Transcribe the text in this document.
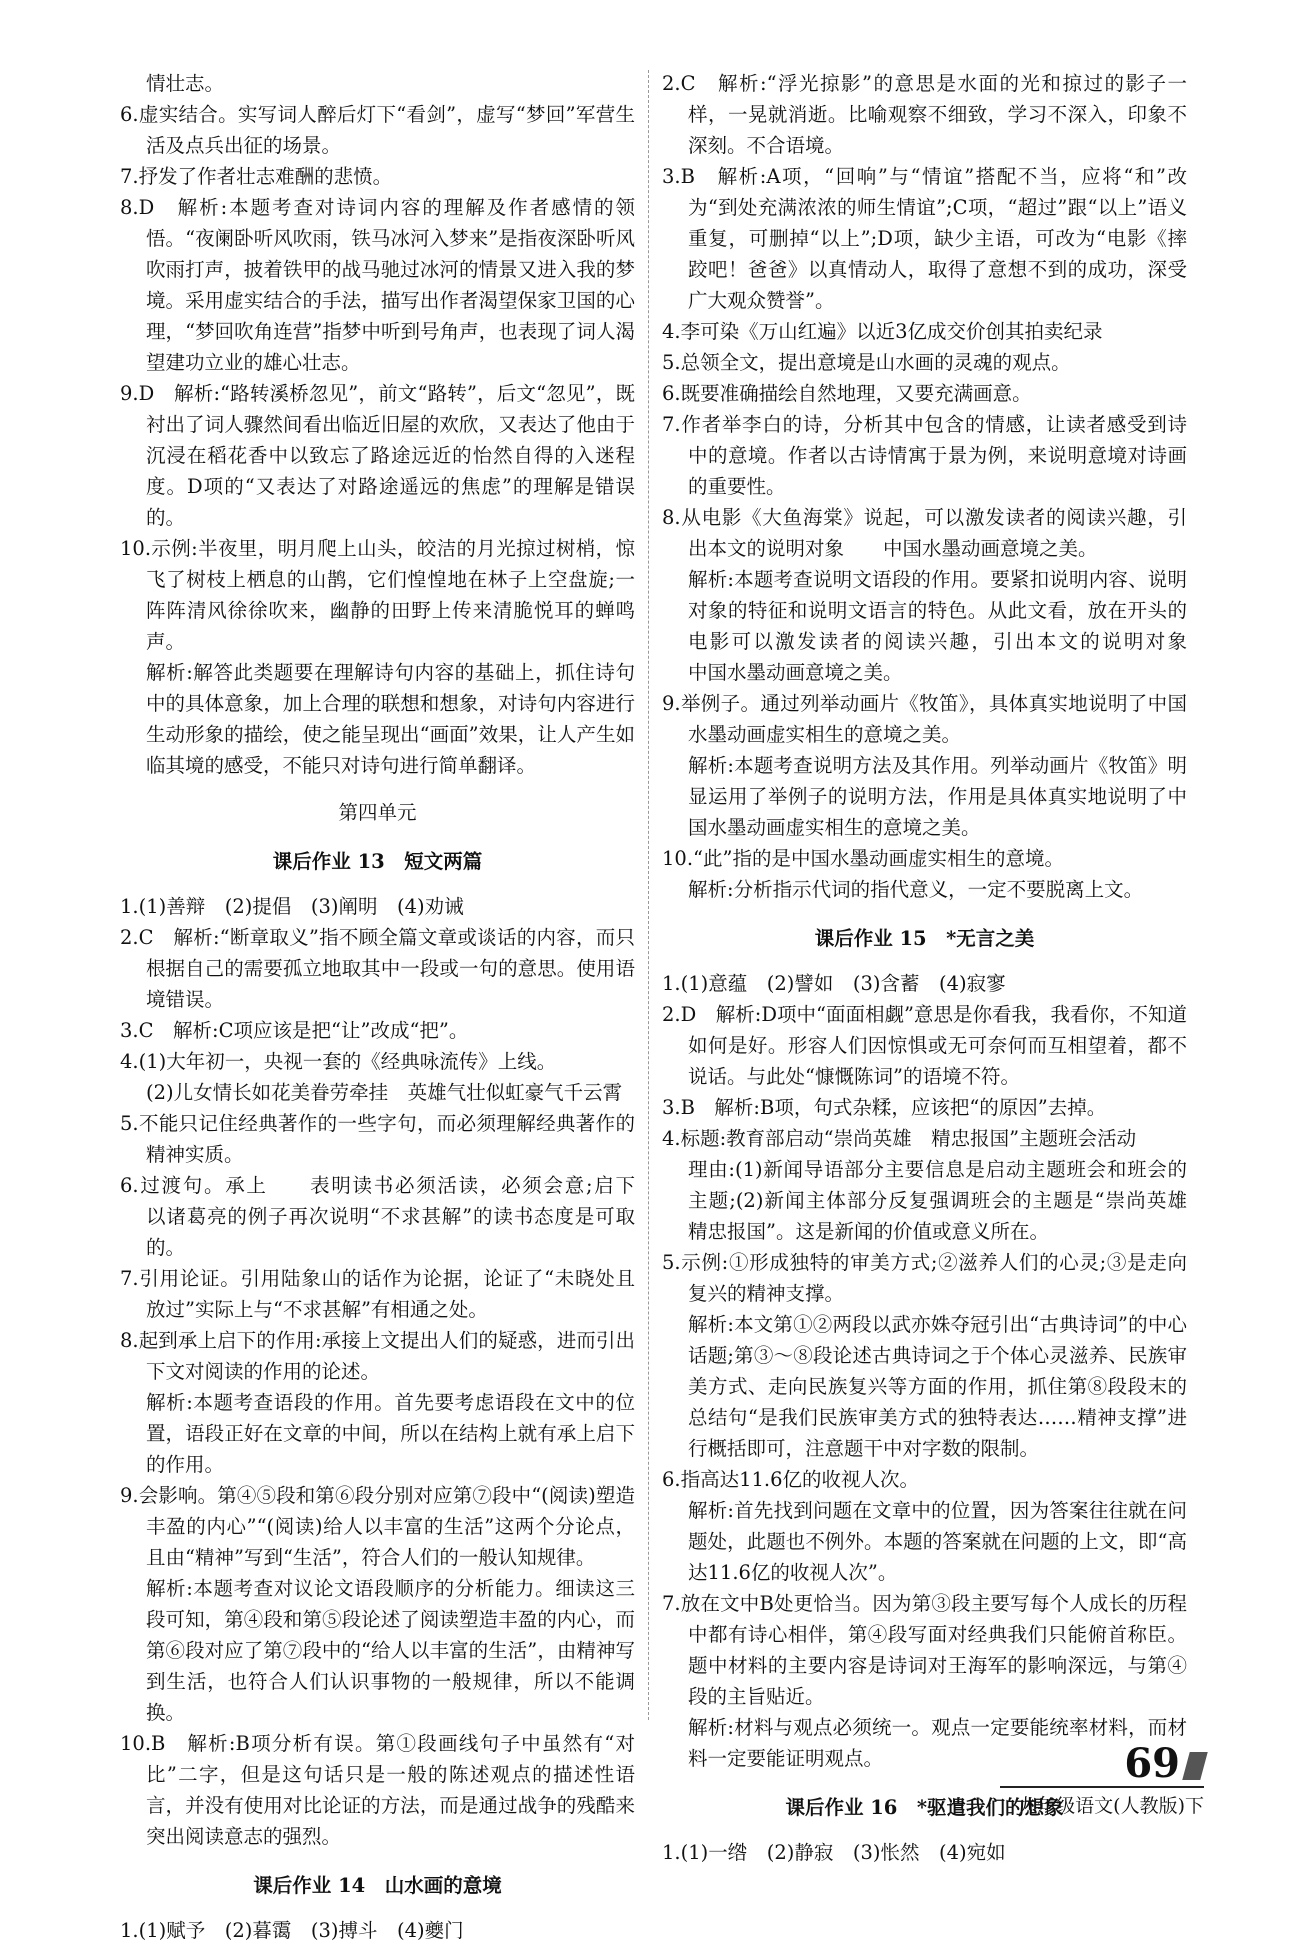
情壮志。

6.虚实结合。实写词人醉后灯下“看剑”，虚写“梦回”军营生活及点兵出征的场景。

7.抒发了作者壮志难酬的悲愤。

8.D　解析:本题考查对诗词内容的理解及作者感情的领悟。“夜阑卧听风吹雨，铁马冰河入梦来”是指夜深卧听风吹雨打声，披着铁甲的战马驰过冰河的情景又进入我的梦境。采用虚实结合的手法，描写出作者渴望保家卫国的心理，“梦回吹角连营”指梦中听到号角声，也表现了词人渴望建功立业的雄心壮志。

9.D　解析:“路转溪桥忽见”，前文“路转”，后文“忽见”，既衬出了词人骤然间看出临近旧屋的欢欣，又表达了他由于沉浸在稻花香中以致忘了路途远近的怡然自得的入迷程度。D项的“又表达了对路途遥远的焦虑”的理解是错误的。

10.示例:半夜里，明月爬上山头，皎洁的月光掠过树梢，惊飞了树枝上栖息的山鹊，它们惶惶地在林子上空盘旋;一阵阵清风徐徐吹来，幽静的田野上传来清脆悦耳的蝉鸣声。

解析:解答此类题要在理解诗句内容的基础上，抓住诗句中的具体意象，加上合理的联想和想象，对诗句内容进行生动形象的描绘，使之能呈现出“画面”效果，让人产生如临其境的感受，不能只对诗句进行简单翻译。

第四单元

课后作业 13　短文两篇

1.(1)善辩　(2)提倡　(3)阐明　(4)劝诫

2.C　解析:“断章取义”指不顾全篇文章或谈话的内容，而只根据自己的需要孤立地取其中一段或一句的意思。使用语境错误。

3.C　解析:C项应该是把“让”改成“把”。

4.(1)大年初一，央视一套的《经典咏流传》上线。

(2)儿女情长如花美眷劳牵挂　英雄气壮似虹豪气千云霄

5.不能只记住经典著作的一些字句，而必须理解经典著作的精神实质。

6.过渡句。承上　　表明读书必须活读，必须会意;启下　　以诸葛亮的例子再次说明“不求甚解”的读书态度是可取的。

7.引用论证。引用陆象山的话作为论据，论证了“未晓处且放过”实际上与“不求甚解”有相通之处。

8.起到承上启下的作用:承接上文提出人们的疑惑，进而引出下文对阅读的作用的论述。

解析:本题考查语段的作用。首先要考虑语段在文中的位置，语段正好在文章的中间，所以在结构上就有承上启下的作用。

9.会影响。第④⑤段和第⑥段分别对应第⑦段中“(阅读)塑造丰盈的内心”“(阅读)给人以丰富的生活”这两个分论点，且由“精神”写到“生活”，符合人们的一般认知规律。

解析:本题考查对议论文语段顺序的分析能力。细读这三段可知，第④段和第⑤段论述了阅读塑造丰盈的内心，而第⑥段对应了第⑦段中的“给人以丰富的生活”，由精神写到生活，也符合人们认识事物的一般规律，所以不能调换。

10.B　解析:B项分析有误。第①段画线句子中虽然有“对比”二字，但是这句话只是一般的陈述观点的描述性语言，并没有使用对比论证的方法，而是通过战争的残酷来突出阅读意志的强烈。

课后作业 14　山水画的意境

1.(1)赋予　(2)暮霭　(3)搏斗　(4)夔门

2.C　解析:“浮光掠影”的意思是水面的光和掠过的影子一样，一晃就消逝。比喻观察不细致，学习不深入，印象不深刻。不合语境。

3.B　解析:A项，“回响”与“情谊”搭配不当，应将“和”改为“到处充满浓浓的师生情谊”;C项，“超过”跟“以上”语义重复，可删掉“以上”;D项，缺少主语，可改为“电影《摔跤吧！爸爸》以真情动人，取得了意想不到的成功，深受广大观众赞誉”。

4.李可染《万山红遍》以近3亿成交价创其拍卖纪录

5.总领全文，提出意境是山水画的灵魂的观点。

6.既要准确描绘自然地理，又要充满画意。

7.作者举李白的诗，分析其中包含的情感，让读者感受到诗中的意境。作者以古诗情寓于景为例，来说明意境对诗画的重要性。

8.从电影《大鱼海棠》说起，可以激发读者的阅读兴趣，引出本文的说明对象　　中国水墨动画意境之美。

解析:本题考查说明文语段的作用。要紧扣说明内容、说明对象的特征和说明文语言的特色。从此文看，放在开头的电影可以激发读者的阅读兴趣，引出本文的说明对象　　中国水墨动画意境之美。

9.举例子。通过列举动画片《牧笛》，具体真实地说明了中国水墨动画虚实相生的意境之美。

解析:本题考查说明方法及其作用。列举动画片《牧笛》明显运用了举例子的说明方法，作用是具体真实地说明了中国水墨动画虚实相生的意境之美。

10.“此”指的是中国水墨动画虚实相生的意境。

解析:分析指示代词的指代意义，一定不要脱离上文。

课后作业 15　*无言之美

1.(1)意蕴　(2)譬如　(3)含蓄　(4)寂寥

2.D　解析:D项中“面面相觑”意思是你看我，我看你，不知道如何是好。形容人们因惊惧或无可奈何而互相望着，都不说话。与此处“慷慨陈词”的语境不符。

3.B　解析:B项，句式杂糅，应该把“的原因”去掉。

4.标题:教育部启动“崇尚英雄　精忠报国”主题班会活动

理由:(1)新闻导语部分主要信息是启动主题班会和班会的主题;(2)新闻主体部分反复强调班会的主题是“崇尚英雄　精忠报国”。这是新闻的价值或意义所在。

5.示例:①形成独特的审美方式;②滋养人们的心灵;③是走向复兴的精神支撑。

解析:本文第①②两段以武亦姝夺冠引出“古典诗词”的中心话题;第③～⑧段论述古典诗词之于个体心灵滋养、民族审美方式、走向民族复兴等方面的作用，抓住第⑧段段末的总结句“是我们民族审美方式的独特表达……精神支撑”进行概括即可，注意题干中对字数的限制。

6.指高达11.6亿的收视人次。

解析:首先找到问题在文章中的位置，因为答案往往就在问题处，此题也不例外。本题的答案就在问题的上文，即“高达11.6亿的收视人次”。

7.放在文中B处更恰当。因为第③段主要写每个人成长的历程中都有诗心相伴，第④段写面对经典我们只能俯首称臣。题中材料的主要内容是诗词对王海军的影响深远，与第④段的主旨贴近。

解析:材料与观点必须统一。观点一定要能统率材料，而材料一定要能证明观点。

课后作业 16　*驱遣我们的想象

1.(1)一绺　(2)静寂　(3)怅然　(4)宛如

69
九年级语文(人教版)下
